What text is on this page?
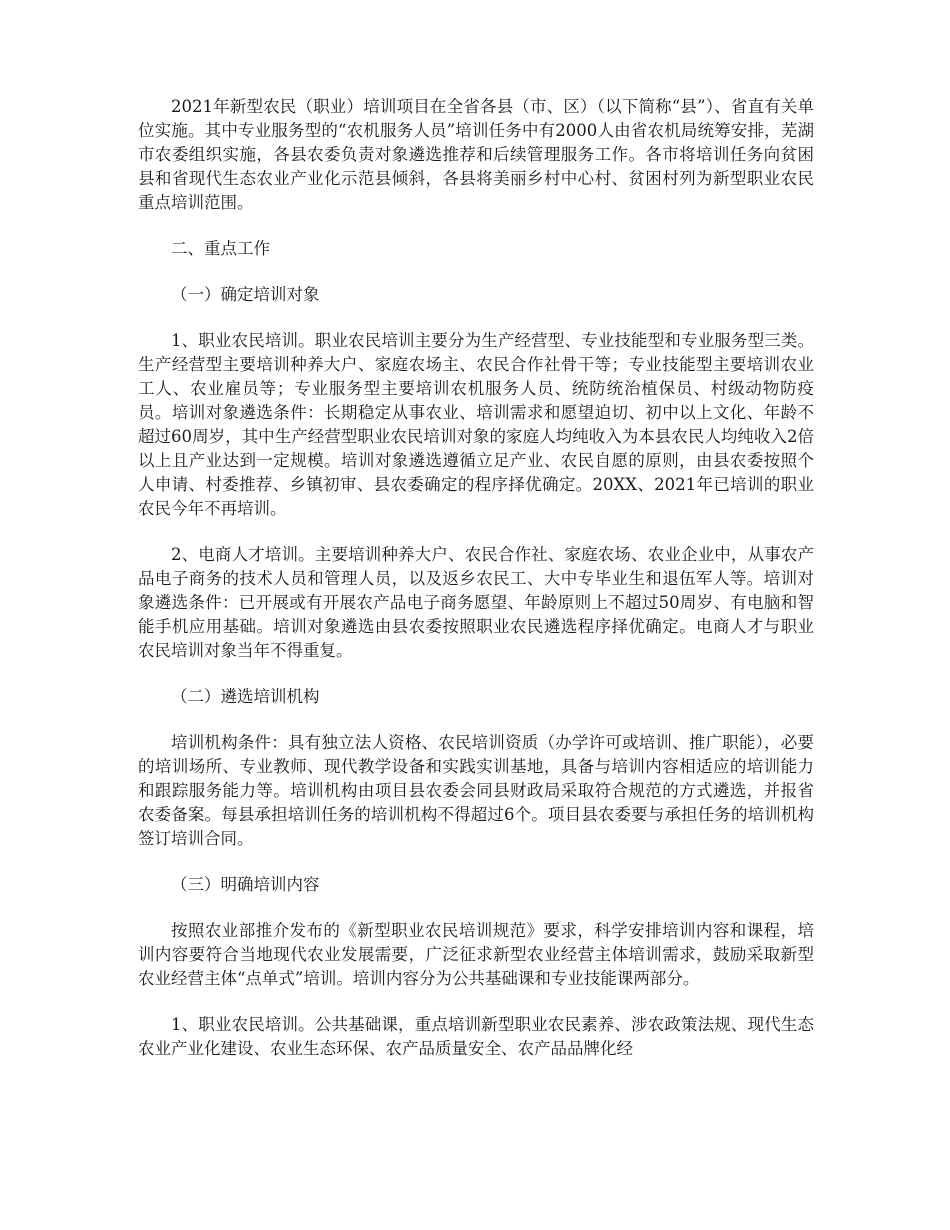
2021年新型农民（职业）培训项目在全省各县（市、区）（以下简称“县”）、省直有关单位实施。其中专业服务型的“农机服务人员”培训任务中有2000人由省农机局统筹安排，芜湖市农委组织实施，各县农委负责对象遴选推荐和后续管理服务工作。各市将培训任务向贫困县和省现代生态农业产业化示范县倾斜，各县将美丽乡村中心村、贫困村列为新型职业农民重点培训范围。

二、重点工作

（一）确定培训对象

1、职业农民培训。职业农民培训主要分为生产经营型、专业技能型和专业服务型三类。生产经营型主要培训种养大户、家庭农场主、农民合作社骨干等；专业技能型主要培训农业工人、农业雇员等；专业服务型主要培训农机服务人员、统防统治植保员、村级动物防疫员。培训对象遴选条件：长期稳定从事农业、培训需求和愿望迫切、初中以上文化、年龄不超过60周岁，其中生产经营型职业农民培训对象的家庭人均纯收入为本县农民人均纯收入2倍以上且产业达到一定规模。培训对象遴选遵循立足产业、农民自愿的原则，由县农委按照个人申请、村委推荐、乡镇初审、县农委确定的程序择优确定。20XX、2021年已培训的职业农民今年不再培训。

2、电商人才培训。主要培训种养大户、农民合作社、家庭农场、农业企业中，从事农产品电子商务的技术人员和管理人员，以及返乡农民工、大中专毕业生和退伍军人等。培训对象遴选条件：已开展或有开展农产品电子商务愿望、年龄原则上不超过50周岁、有电脑和智能手机应用基础。培训对象遴选由县农委按照职业农民遴选程序择优确定。电商人才与职业农民培训对象当年不得重复。

（二）遴选培训机构

培训机构条件：具有独立法人资格、农民培训资质（办学许可或培训、推广职能），必要的培训场所、专业教师、现代教学设备和实践实训基地，具备与培训内容相适应的培训能力和跟踪服务能力等。培训机构由项目县农委会同县财政局采取符合规范的方式遴选，并报省农委备案。每县承担培训任务的培训机构不得超过6个。项目县农委要与承担任务的培训机构签订培训合同。

（三）明确培训内容

按照农业部推介发布的《新型职业农民培训规范》要求，科学安排培训内容和课程，培训内容要符合当地现代农业发展需要，广泛征求新型农业经营主体培训需求，鼓励采取新型农业经营主体“点单式”培训。培训内容分为公共基础课和专业技能课两部分。

1、职业农民培训。公共基础课，重点培训新型职业农民素养、涉农政策法规、现代生态农业产业化建设、农业生态环保、农产品质量安全、农产品品牌化经
